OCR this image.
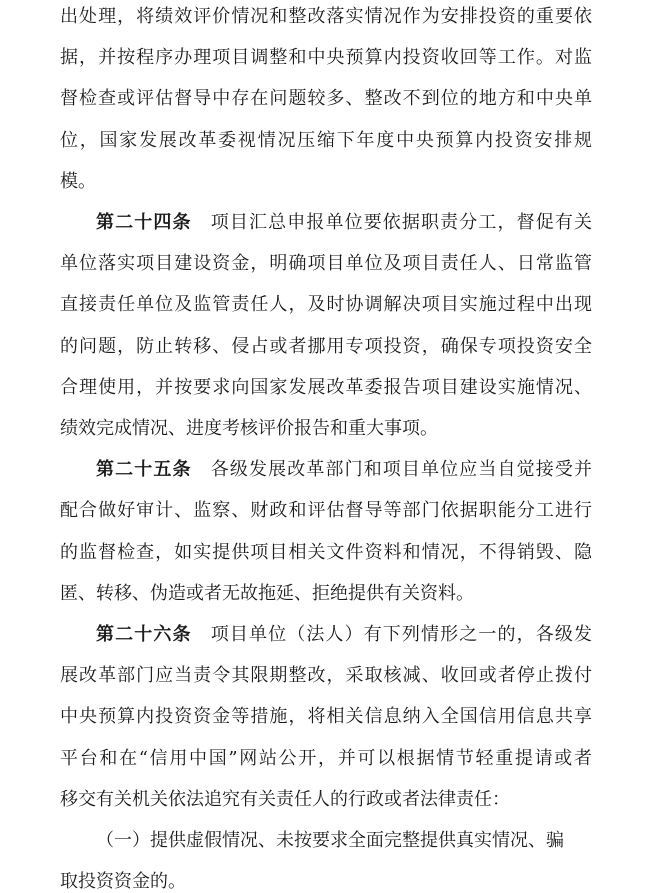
出处理，将绩效评价情况和整改落实情况作为安排投资的重要依
据，并按程序办理项目调整和中央预算内投资收回等工作。对监
督检查或评估督导中存在问题较多、整改不到位的地方和中央单
位，国家发展改革委视情况压缩下年度中央预算内投资安排规
模。
第二十四条　项目汇总申报单位要依据职责分工，督促有关
单位落实项目建设资金，明确项目单位及项目责任人、日常监管
直接责任单位及监管责任人，及时协调解决项目实施过程中出现
的问题，防止转移、侵占或者挪用专项投资，确保专项投资安全
合理使用，并按要求向国家发展改革委报告项目建设实施情况、
绩效完成情况、进度考核评价报告和重大事项。
第二十五条　各级发展改革部门和项目单位应当自觉接受并
配合做好审计、监察、财政和评估督导等部门依据职能分工进行
的监督检查，如实提供项目相关文件资料和情况，不得销毁、隐
匿、转移、伪造或者无故拖延、拒绝提供有关资料。
第二十六条　项目单位（法人）有下列情形之一的，各级发
展改革部门应当责令其限期整改，采取核减、收回或者停止拨付
中央预算内投资资金等措施，将相关信息纳入全国信用信息共享
平台和在“信用中国”网站公开，并可以根据情节轻重提请或者
移交有关机关依法追究有关责任人的行政或者法律责任：
（一）提供虚假情况、未按要求全面完整提供真实情况、骗
取投资资金的。
